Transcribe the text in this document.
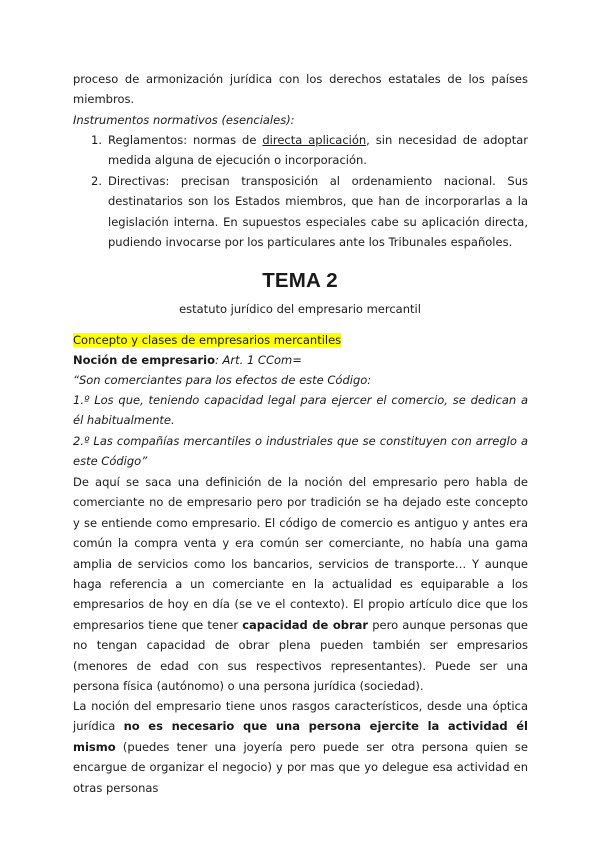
proceso de armonización jurídica con los derechos estatales de los países miembros.
Instrumentos normativos (esenciales):
1. Reglamentos: normas de directa aplicación, sin necesidad de adoptar medida alguna de ejecución o incorporación.
2. Directivas: precisan transposición al ordenamiento nacional. Sus destinatarios son los Estados miembros, que han de incorporarlas a la legislación interna. En supuestos especiales cabe su aplicación directa, pudiendo invocarse por los particulares ante los Tribunales españoles.
TEMA 2
estatuto jurídico del empresario mercantil
Concepto y clases de empresarios mercantiles
Noción de empresario: Art. 1 CCom=
“Son comerciantes para los efectos de este Código:
1.º Los que, teniendo capacidad legal para ejercer el comercio, se dedican a él habitualmente.
2.º Las compañías mercantiles o industriales que se constituyen con arreglo a este Código”
De aquí se saca una definición de la noción del empresario pero habla de comerciante no de empresario pero por tradición se ha dejado este concepto y se entiende como empresario. El código de comercio es antiguo y antes era común la compra venta y era común ser comerciante, no había una gama amplia de servicios como los bancarios, servicios de transporte… Y aunque haga referencia a un comerciante en la actualidad es equiparable a los empresarios de hoy en día (se ve el contexto). El propio artículo dice que los empresarios tiene que tener capacidad de obrar pero aunque personas que no tengan capacidad de obrar plena pueden también ser empresarios (menores de edad con sus respectivos representantes). Puede ser una persona física (autónomo) o una persona jurídica (sociedad).
La noción del empresario tiene unos rasgos característicos, desde una óptica jurídica no es necesario que una persona ejercite la actividad él mismo (puedes tener una joyería pero puede ser otra persona quien se encargue de organizar el negocio) y por mas que yo delegue esa actividad en otras personas
